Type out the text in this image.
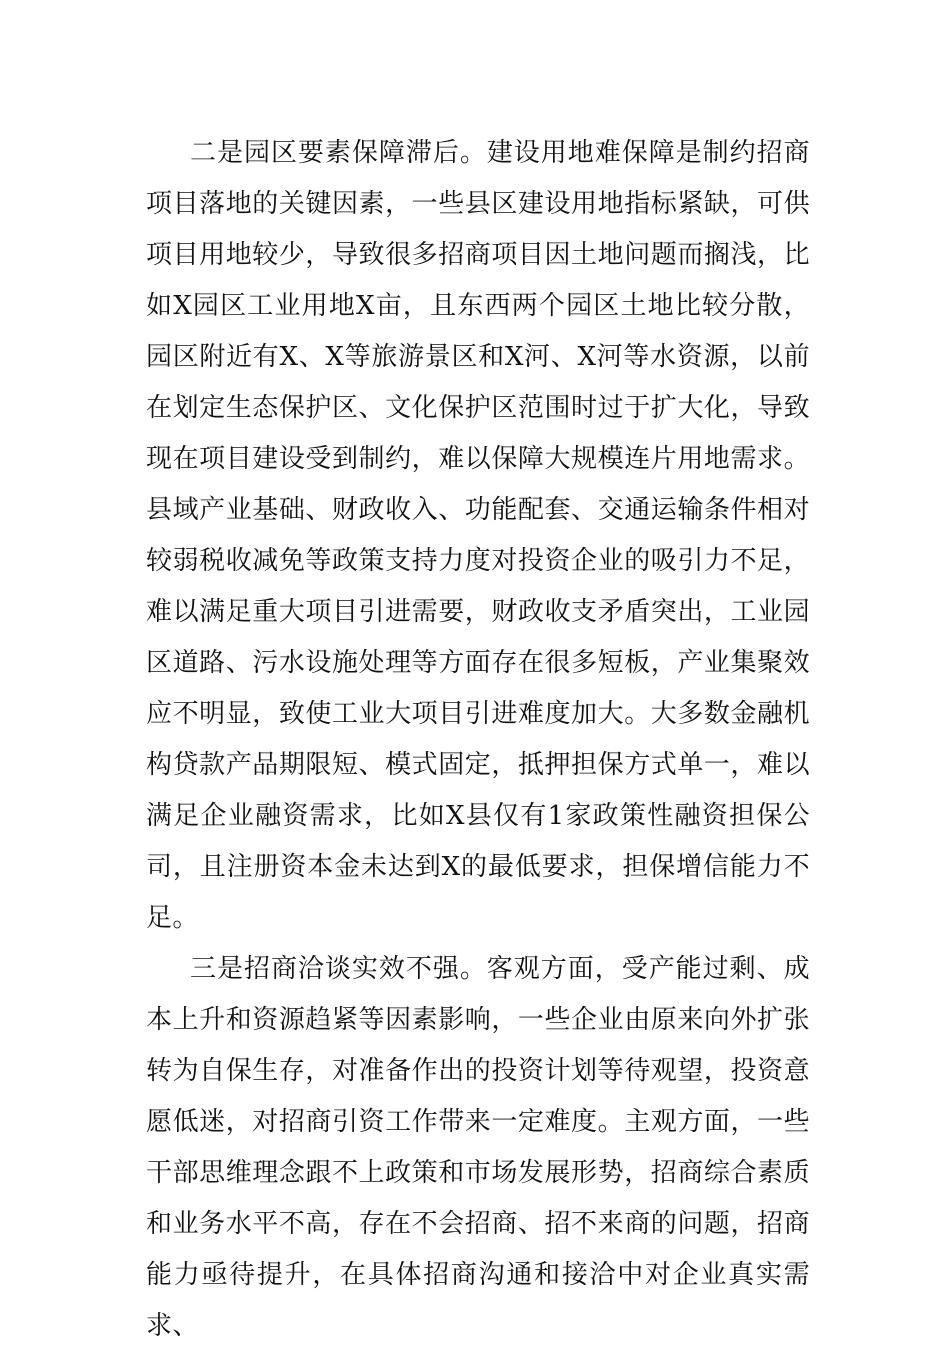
二是园区要素保障滞后。建设用地难保障是制约招商项目落地的关键因素，一些县区建设用地指标紧缺，可供项目用地较少，导致很多招商项目因土地问题而搁浅，比如X园区工业用地X亩，且东西两个园区土地比较分散，园区附近有X、X等旅游景区和X河、X河等水资源，以前在划定生态保护区、文化保护区范围时过于扩大化，导致现在项目建设受到制约，难以保障大规模连片用地需求。县域产业基础、财政收入、功能配套、交通运输条件相对较弱税收减免等政策支持力度对投资企业的吸引力不足，难以满足重大项目引进需要，财政收支矛盾突出，工业园区道路、污水设施处理等方面存在很多短板，产业集聚效应不明显，致使工业大项目引进难度加大。大多数金融机构贷款产品期限短、模式固定，抵押担保方式单一，难以满足企业融资需求，比如X县仅有1家政策性融资担保公司，且注册资本金未达到X的最低要求，担保增信能力不足。

三是招商洽谈实效不强。客观方面，受产能过剩、成本上升和资源趋紧等因素影响，一些企业由原来向外扩张转为自保生存，对准备作出的投资计划等待观望，投资意愿低迷，对招商引资工作带来一定难度。主观方面，一些干部思维理念跟不上政策和市场发展形势，招商综合素质和业务水平不高，存在不会招商、招不来商的问题，招商能力亟待提升，在具体招商沟通和接洽中对企业真实需求、
